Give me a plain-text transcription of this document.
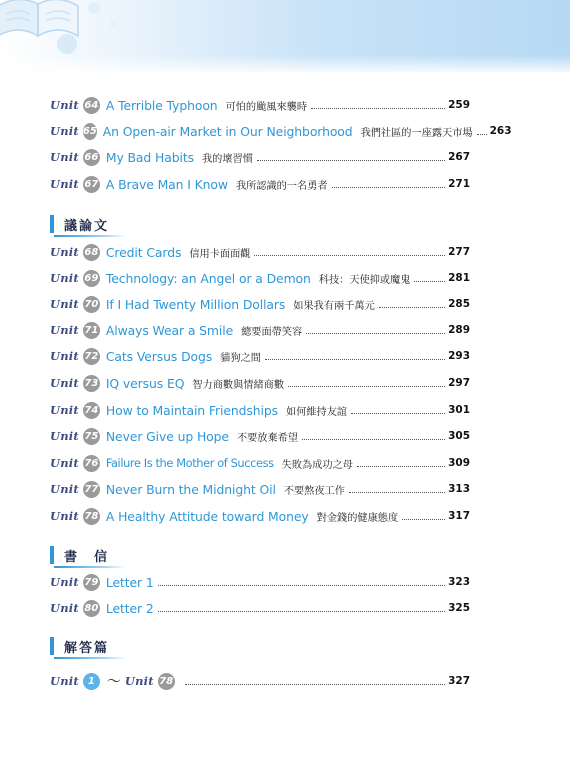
Unit 64 A Terrible Typhoon 可怕的颱風來襲時	259
Unit 65 An Open-air Market in Our Neighborhood 我們社區的一座露天市場 263
Unit 66 My Bad Habits 我的壞習慣	267
Unit 67 A Brave Man I Know 我所認識的一名勇者	271
議論文
Unit 68 Credit Cards 信用卡面面觀	277
Unit 69 Technology: an Angel or a Demon 科技：天使抑或魔鬼	281
Unit 70 If I Had Twenty Million Dollars 如果我有兩千萬元	285
Unit 71 Always Wear a Smile 總要面帶笑容	289
Unit 72 Cats Versus Dogs 貓狗之間	293
Unit 73 IQ versus EQ 智力商數與情緒商數	297
Unit 74 How to Maintain Friendships 如何維持友誼	301
Unit 75 Never Give up Hope 不要放棄希望	305
Unit 76 Failure Is the Mother of Success 失敗為成功之母	309
Unit 77 Never Burn the Midnight Oil 不要熬夜工作	313
Unit 78 A Healthy Attitude toward Money 對金錢的健康態度	317
書　信
Unit 79 Letter 1	323
Unit 80 Letter 2	325
解答篇
Unit 1 ～ Unit 78	327
